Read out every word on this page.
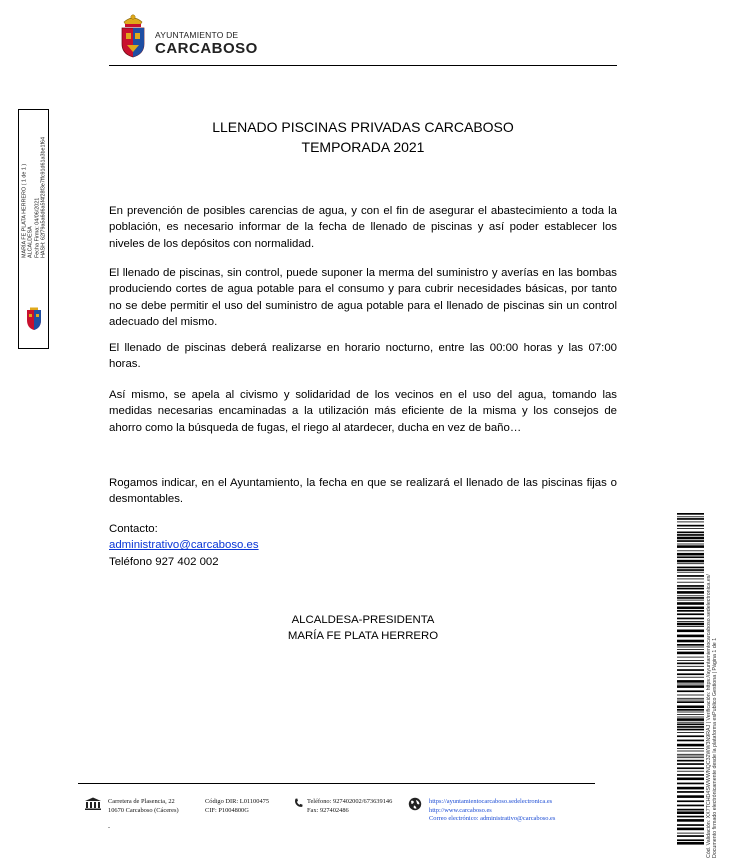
AYUNTAMIENTO DE
CARCABOSO
MARÍA FE PLATA HERRERO ( 1 de 1 ) ALCALDESA Fecha Firma: 04/06/2021 HASH: 62f79a5a6d6a5f4f28f3e7ffc91d61a3be1f64
LLENADO PISCINAS PRIVADAS CARCABOSO
TEMPORADA 2021
En prevención de posibles carencias de agua, y con el fin de asegurar el abastecimiento a toda la población, es necesario informar de la fecha de llenado de piscinas y así poder establecer los niveles de los depósitos con normalidad.
El llenado de piscinas, sin control, puede suponer la merma del suministro y averías en las bombas produciendo cortes de agua potable para el consumo y para cubrir necesidades básicas, por tanto no se debe permitir el uso del suministro de agua potable para el llenado de piscinas sin un control adecuado del mismo.
El llenado de piscinas deberá realizarse en horario nocturno, entre las 00:00 horas y las 07:00 horas.
Así mismo, se apela al civismo y solidaridad de los vecinos en el uso del agua, tomando las medidas necesarias encaminadas a la utilización más eficiente de la misma y los consejos de ahorro como la búsqueda de fugas, el riego al atardecer, ducha en vez de baño…
Rogamos indicar, en el Ayuntamiento, la fecha en que se realizará el llenado de las piscinas fijas o desmontables.
Contacto:
administrativo@carcaboso.es
Teléfono 927 402 002
ALCALDESA-PRESIDENTA
MARÍA FE PLATA HERRERO
Carretera de Plasencia, 22
10670 Carcaboso (Cáceres)
Código DIR: L01100475
CIF: P1004800G
Teléfono: 927402002/673639146
Fax: 927402486
https://ayuntamientocarcaboso.sedelectronica.es
http://www.carcaboso.es
Correo electrónico: administrativo@carcaboso.es
.	Cód. Validación: XX7TCHD4SWWWNQC32WW3N9RAJ | Verificación: https://ayuntamientocarcaboso.sedelectronica.es/ Documento firmado electrónicamente desde la plataforma esPublico Gestiona | Página 1 de 1
